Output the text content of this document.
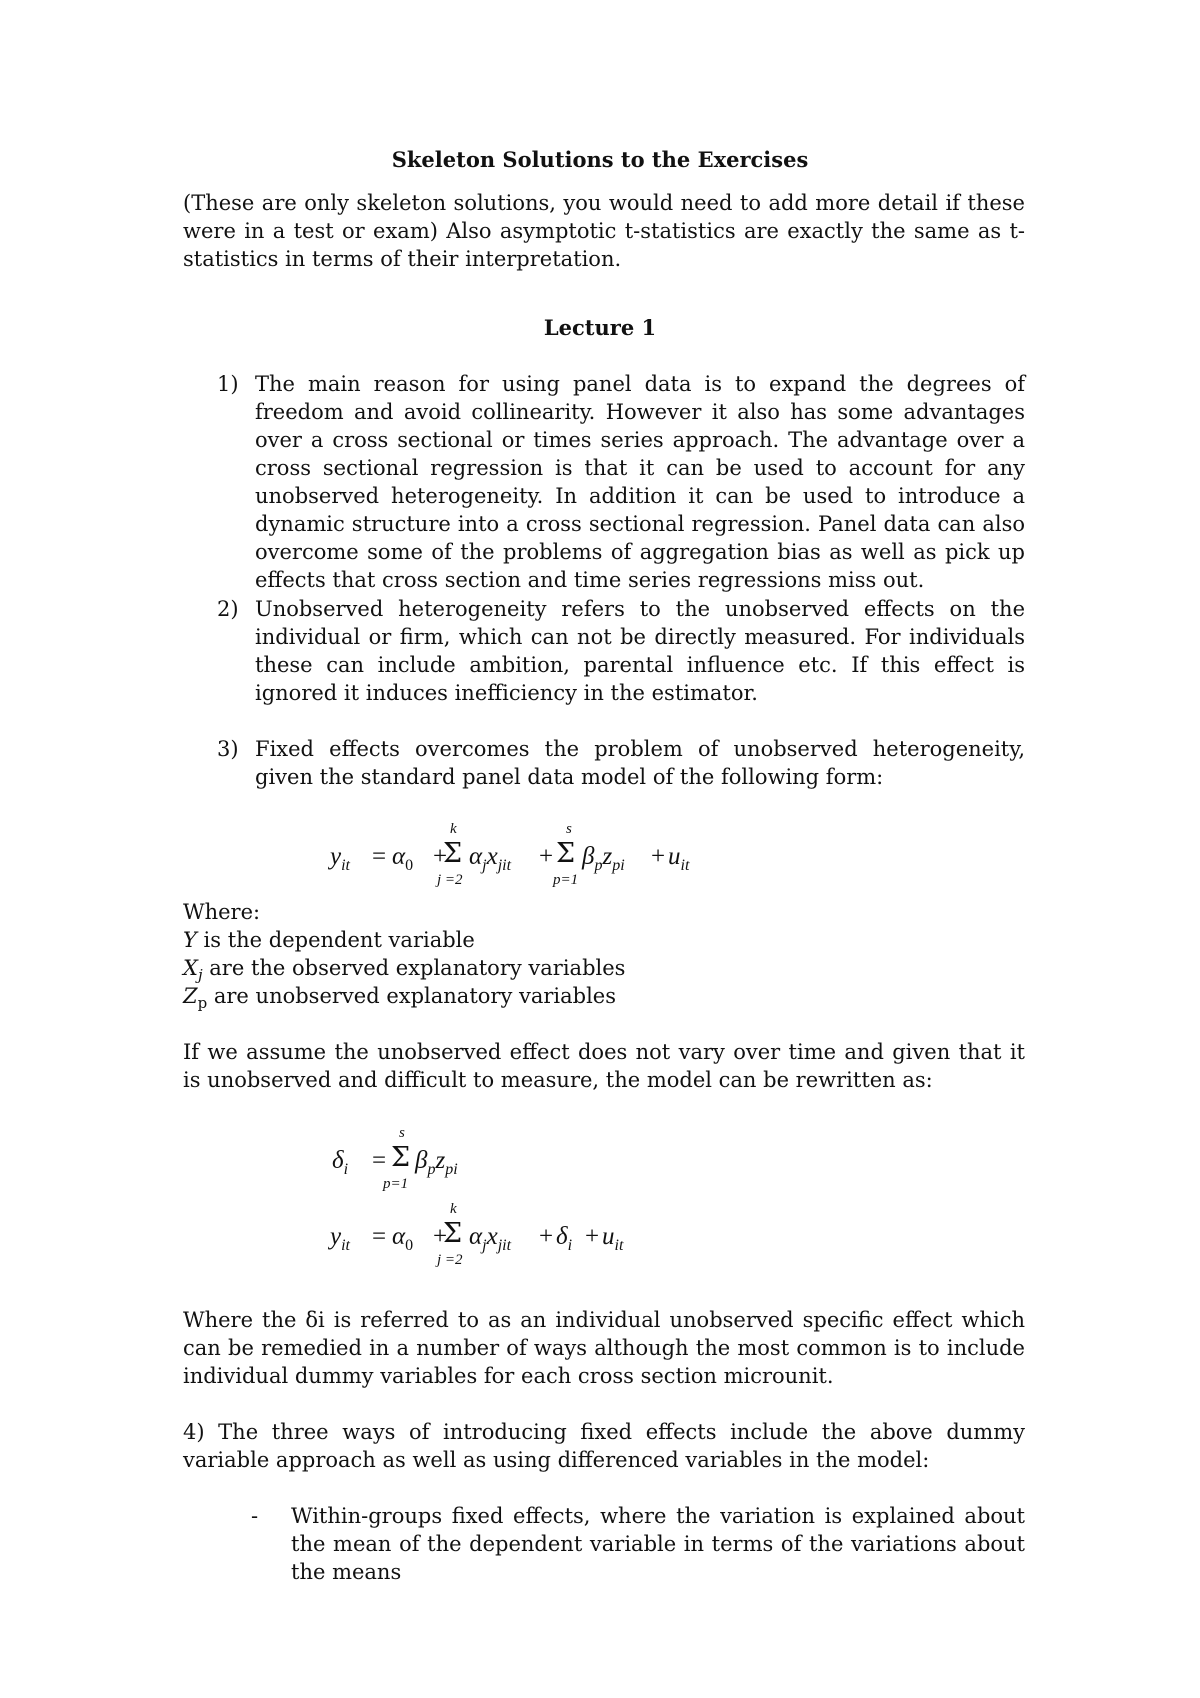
Skeleton Solutions to the Exercises
(These are only skeleton solutions, you would need to add more detail if these were in a test or exam) Also asymptotic t-statistics are exactly the same as t-statistics in terms of their interpretation.
Lecture 1
1) The main reason for using panel data is to expand the degrees of freedom and avoid collinearity. However it also has some advantages over a cross sectional or times series approach. The advantage over a cross sectional regression is that it can be used to account for any unobserved heterogeneity. In addition it can be used to introduce a dynamic structure into a cross sectional regression. Panel data can also overcome some of the problems of aggregation bias as well as pick up effects that cross section and time series regressions miss out.
2) Unobserved heterogeneity refers to the unobserved effects on the individual or firm, which can not be directly measured. For individuals these can include ambition, parental influence etc. If this effect is ignored it induces inefficiency in the estimator.
3) Fixed effects overcomes the problem of unobserved heterogeneity, given the standard panel data model of the following form:
$y_{it} = \alpha_0$ +
k
Σ
j =2
$\alpha_jx_{jit}$ +
s
Σ
p=1
$\beta_pz_{pi} + u_{it}$
Where:
Y is the dependent variable
$X_j$ are the observed explanatory variables
$Z_p$ are unobserved explanatory variables
If we assume the unobserved effect does not vary over time and given that it is unobserved and difficult to measure, the model can be rewritten as:
$\delta_i$ =
s
Σ
p=1
$\beta_pz_{pi}$
$y_{it} = \alpha_0$ +
k
Σ
j =2
$\alpha_jx_{jit} + \delta_i + u_{it}$
Where the δi is referred to as an individual unobserved specific effect which can be remedied in a number of ways although the most common is to include individual dummy variables for each cross section microunit.
4) The three ways of introducing fixed effects include the above dummy variable approach as well as using differenced variables in the model:
- Within-groups fixed effects, where the variation is explained about the mean of the dependent variable in terms of the variations about the means
